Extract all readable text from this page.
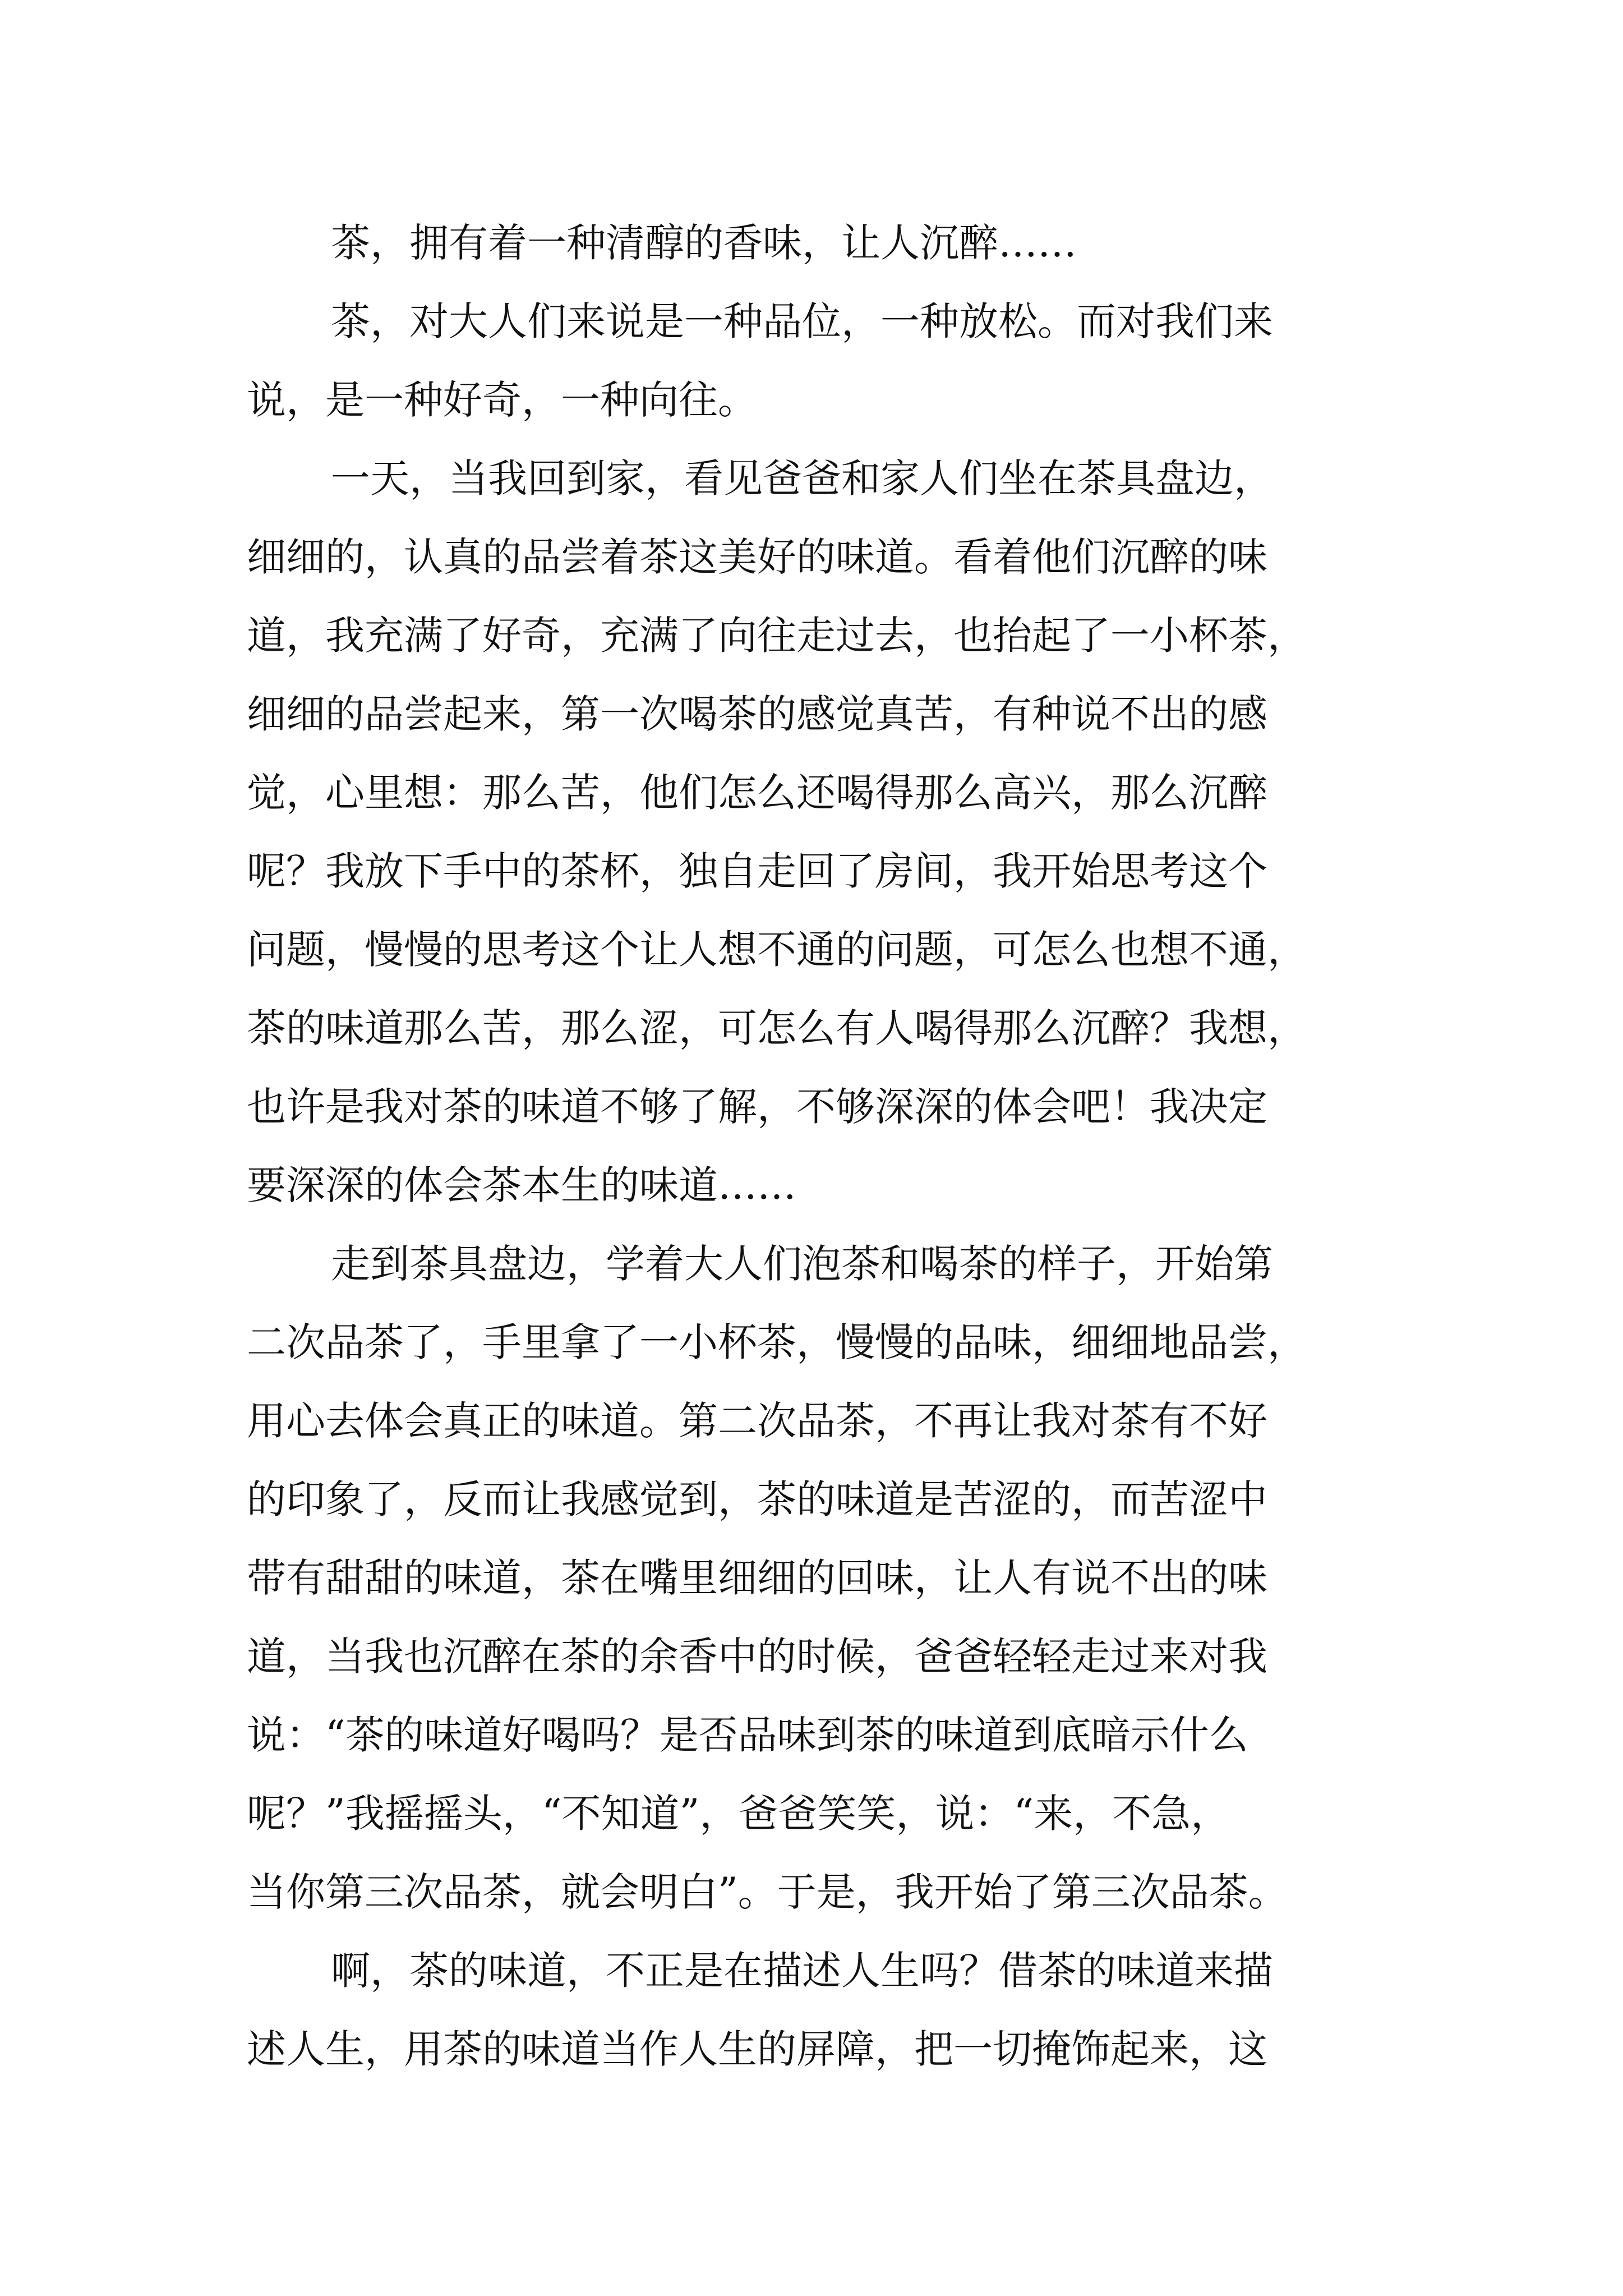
茶，拥有着一种清醇的香味，让人沉醉……
茶，对大人们来说是一种品位，一种放松。而对我们来
说，是一种好奇，一种向往。
一天，当我回到家，看见爸爸和家人们坐在茶具盘边，
细细的，认真的品尝着茶这美好的味道。看着他们沉醉的味
道，我充满了好奇，充满了向往走过去，也抬起了一小杯茶，
细细的品尝起来，第一次喝茶的感觉真苦，有种说不出的感
觉，心里想：那么苦，他们怎么还喝得那么高兴，那么沉醉
呢？我放下手中的茶杯，独自走回了房间，我开始思考这个
问题，慢慢的思考这个让人想不通的问题，可怎么也想不通，
茶的味道那么苦，那么涩，可怎么有人喝得那么沉醉？我想，
也许是我对茶的味道不够了解，不够深深的体会吧！我决定
要深深的体会茶本生的味道……
走到茶具盘边，学着大人们泡茶和喝茶的样子，开始第
二次品茶了，手里拿了一小杯茶，慢慢的品味，细细地品尝，
用心去体会真正的味道。第二次品茶，不再让我对茶有不好
的印象了，反而让我感觉到，茶的味道是苦涩的，而苦涩中
带有甜甜的味道，茶在嘴里细细的回味，让人有说不出的味
道，当我也沉醉在茶的余香中的时候，爸爸轻轻走过来对我
说：“茶的味道好喝吗？是否品味到茶的味道到底暗示什么
呢？”我摇摇头，“不知道”，爸爸笑笑，说：“来，不急，
当你第三次品茶，就会明白”。于是，我开始了第三次品茶。
啊，茶的味道，不正是在描述人生吗？借茶的味道来描
述人生，用茶的味道当作人生的屏障，把一切掩饰起来，这
